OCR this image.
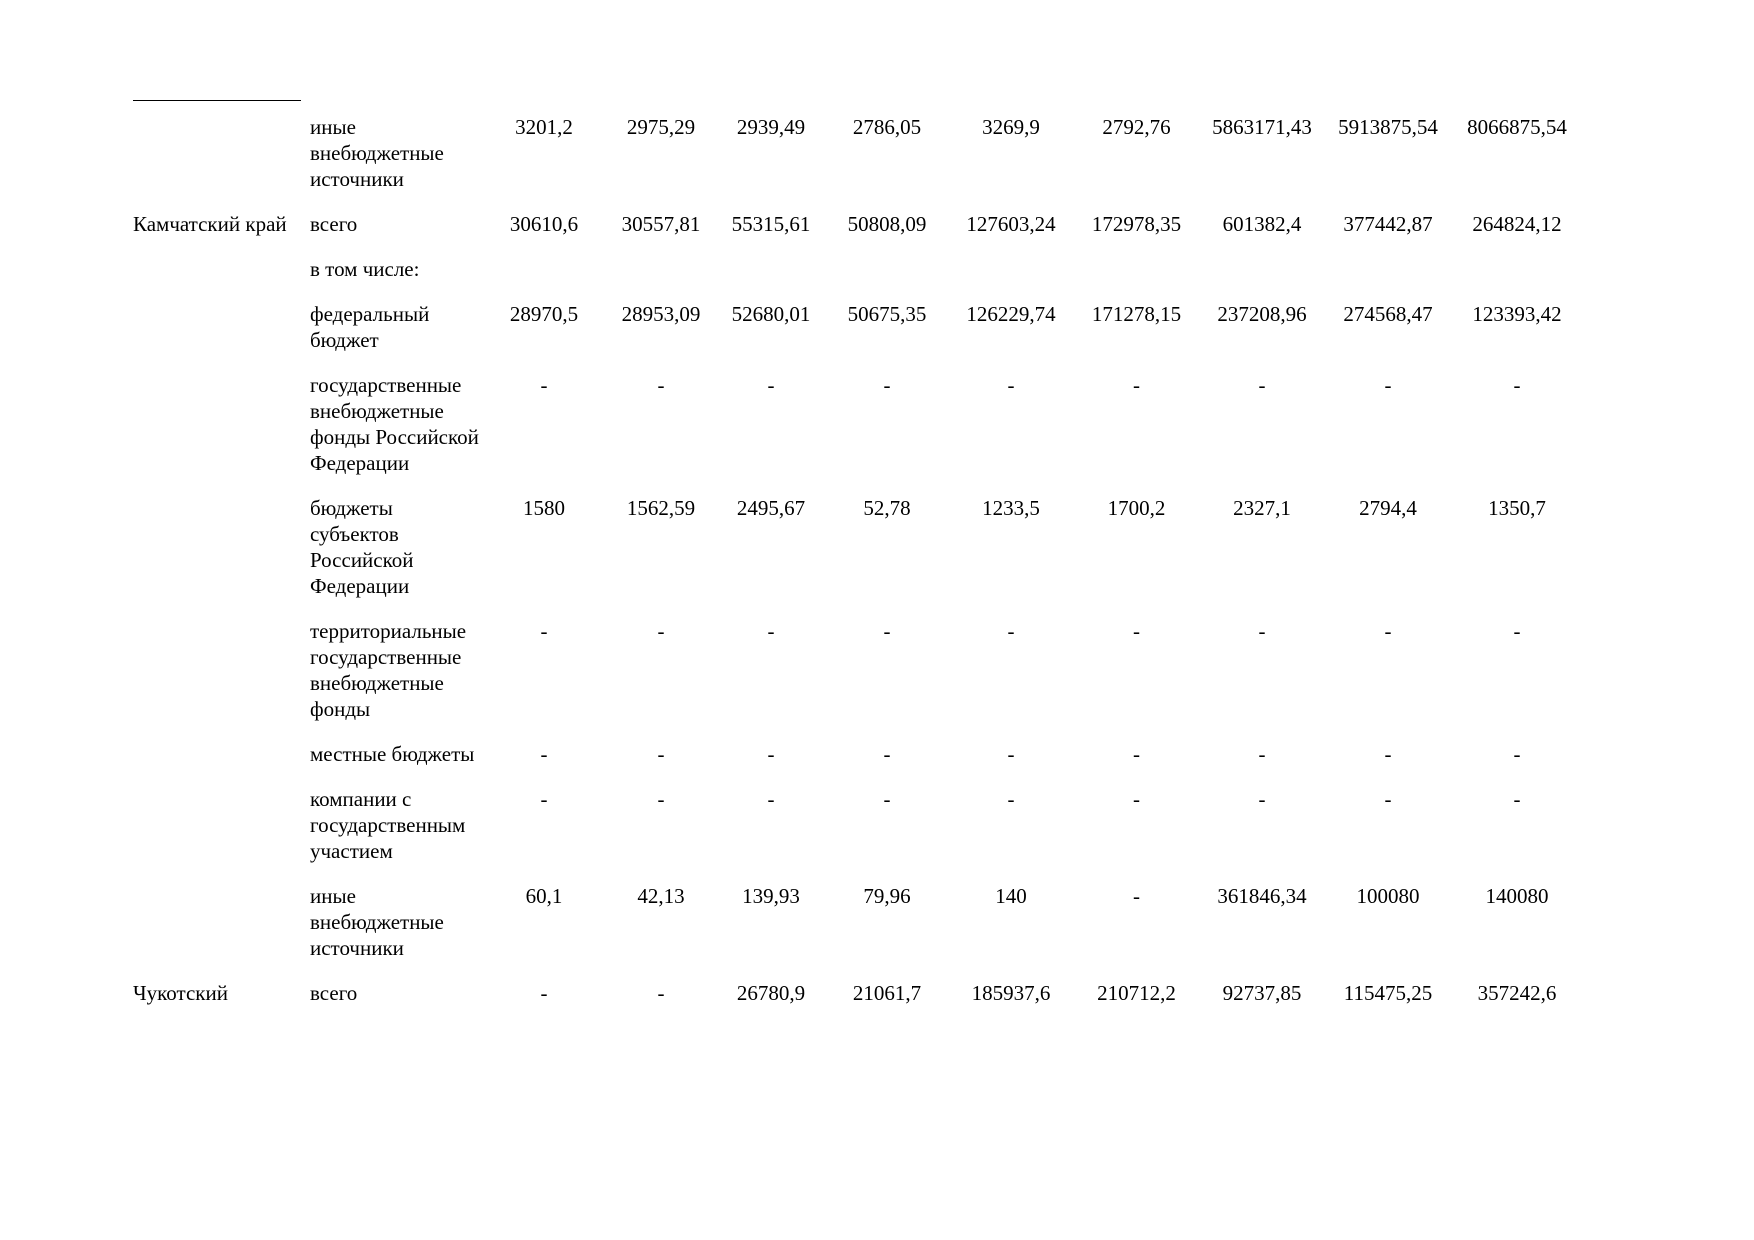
	иные внебюджетные источники	3201,2	2975,29	2939,49	2786,05	3269,9	2792,76	5863171,43	5913875,54	8066875,54
Камчатский край	всего	30610,6	30557,81	55315,61	50808,09	127603,24	172978,35	601382,4	377442,87	264824,12
	в том числе:									
	федеральный бюджет	28970,5	28953,09	52680,01	50675,35	126229,74	171278,15	237208,96	274568,47	123393,42
	государственные внебюджетные фонды Российской Федерации	-	-	-	-	-	-	-	-	-
	бюджеты субъектов Российской Федерации	1580	1562,59	2495,67	52,78	1233,5	1700,2	2327,1	2794,4	1350,7
	территориальные государственные внебюджетные фонды	-	-	-	-	-	-	-	-	-
	местные бюджеты	-	-	-	-	-	-	-	-	-
	компании с государственным участием	-	-	-	-	-	-	-	-	-
	иные внебюджетные источники	60,1	42,13	139,93	79,96	140	-	361846,34	100080	140080
Чукотский	всего	-	-	26780,9	21061,7	185937,6	210712,2	92737,85	115475,25	357242,6
